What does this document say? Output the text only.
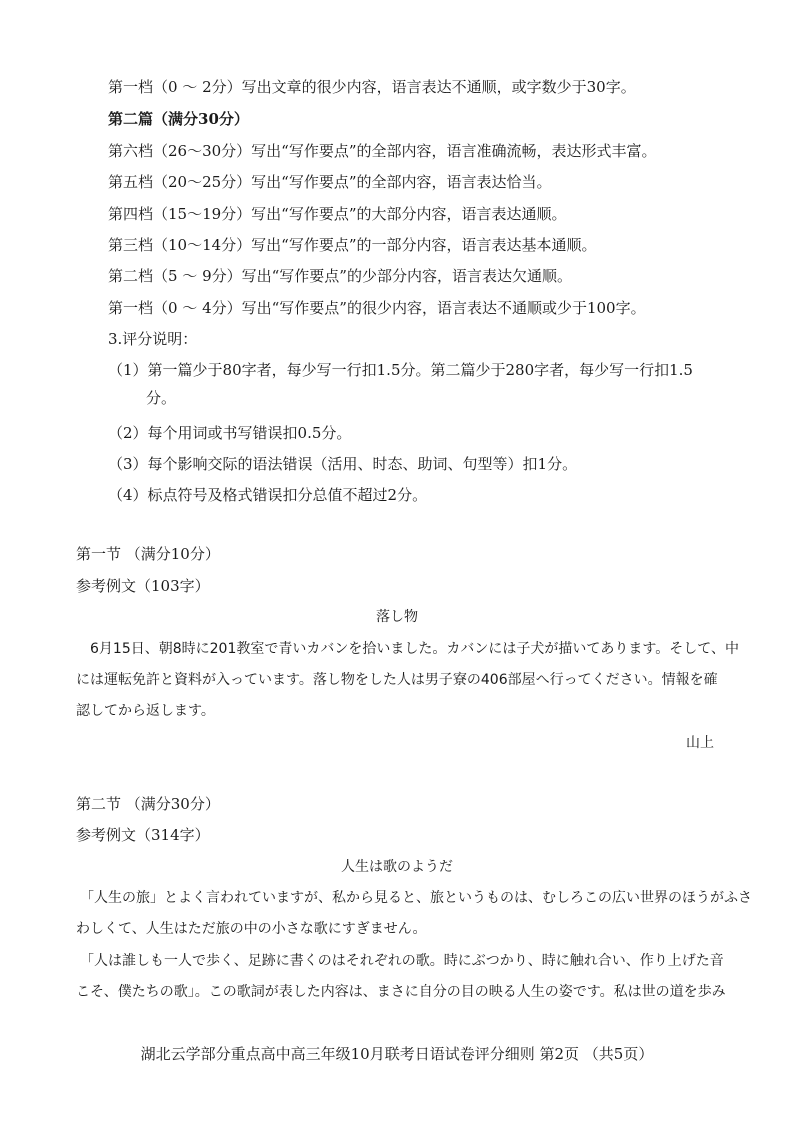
第一档（0 ～ 2分）写出文章的很少内容，语言表达不通顺，或字数少于30字。
第二篇（满分30分）
第六档（26～30分）写出“写作要点”的全部内容，语言准确流畅，表达形式丰富。
第五档（20～25分）写出“写作要点”的全部内容，语言表达恰当。
第四档（15～19分）写出“写作要点”的大部分内容，语言表达通顺。
第三档（10～14分）写出“写作要点”的一部分内容，语言表达基本通顺。
第二档（5 ～ 9分）写出“写作要点”的少部分内容，语言表达欠通顺。
第一档（0 ～ 4分）写出“写作要点”的很少内容，语言表达不通顺或少于100字。
3.评分说明：
（1）第一篇少于80字者，每少写一行扣1.5分。第二篇少于280字者，每少写一行扣1.5
分。
（2）每个用词或书写错误扣0.5分。
（3）每个影响交际的语法错误（活用、时态、助词、句型等）扣1分。
（4）标点符号及格式错误扣分总值不超过2分。
第一节 （满分10分）
参考例文（103字）
落し物
6月15日、朝8時に201教室で青いカバンを拾いました。カバンには子犬が描いてあります。そして、中
には運転免許と資料が入っています。落し物をした人は男子寮の406部屋へ行ってください。情報を確
認してから返します。
山上
第二节 （满分30分）
参考例文（314字）
人生は歌のようだ
「人生の旅」とよく言われていますが、私から見ると、旅というものは、むしろこの広い世界のほうがふさ
わしくて、人生はただ旅の中の小さな歌にすぎません。
「人は誰しも一人で歩く、足跡に書くのはそれぞれの歌。時にぶつかり、時に触れ合い、作り上げた音
こそ、僕たちの歌」。この歌詞が表した内容は、まさに自分の目の映る人生の姿です。私は世の道を歩み
湖北云学部分重点高中高三年级10月联考日语试卷评分细则 第2页 （共5页）
